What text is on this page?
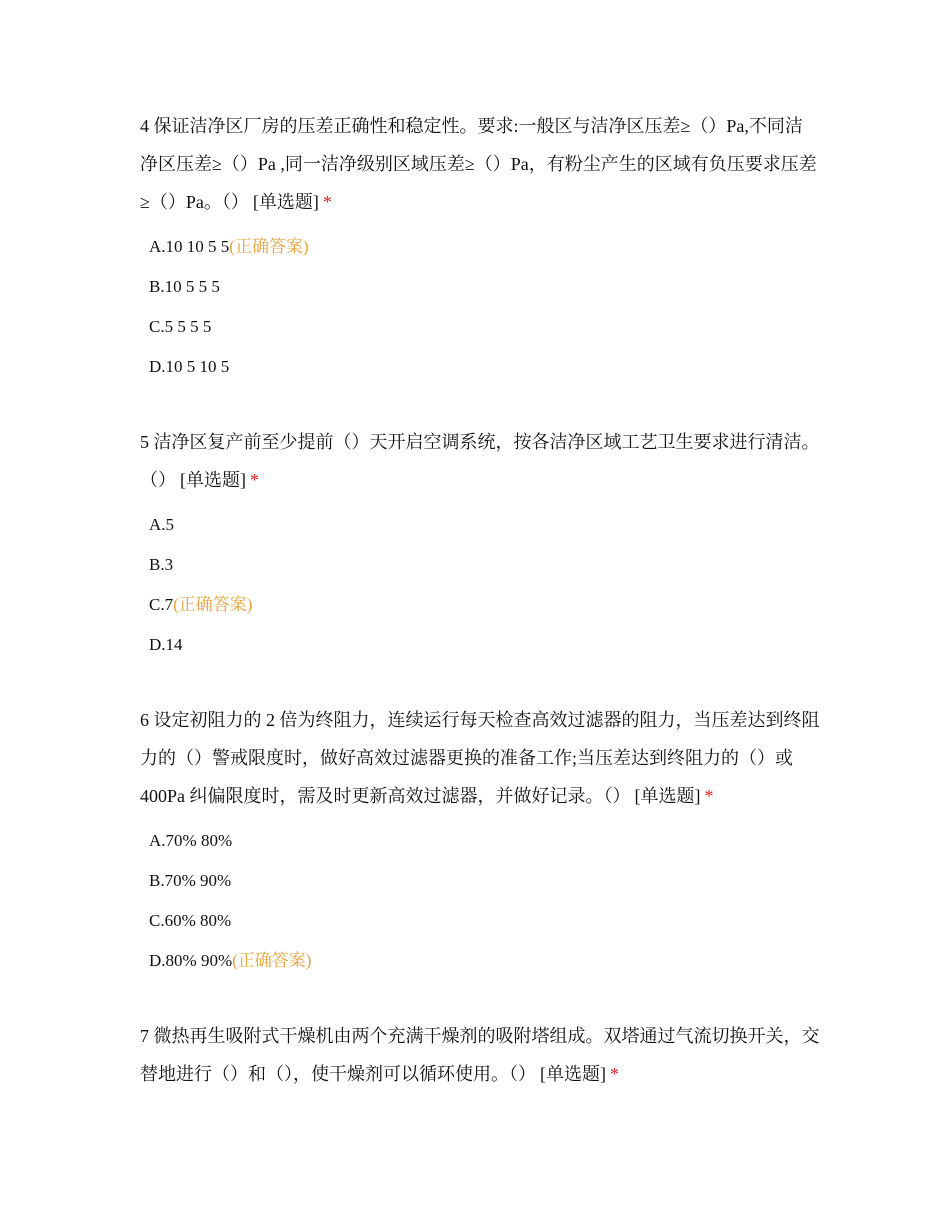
4 保证洁净区厂房的压差正确性和稳定性。要求:一般区与洁净区压差≥（）Pa,不同洁净区压差≥（）Pa ,同一洁净级别区域压差≥（）Pa，有粉尘产生的区域有负压要求压差≥（）Pa。（） [单选题] *

A.10 10 5 5(正确答案)
B.10 5 5 5
C.5 5 5 5
D.10 5 10 5

5 洁净区复产前至少提前（）天开启空调系统，按各洁净区域工艺卫生要求进行清洁。（） [单选题] *

A.5
B.3
C.7(正确答案)
D.14

6 设定初阻力的 2 倍为终阻力，连续运行每天检查高效过滤器的阻力，当压差达到终阻力的（）警戒限度时，做好高效过滤器更换的准备工作;当压差达到终阻力的（）或 400Pa 纠偏限度时，需及时更新高效过滤器，并做好记录。（） [单选题] *

A.70% 80%
B.70% 90%
C.60% 80%
D.80% 90%(正确答案)

7 微热再生吸附式干燥机由两个充满干燥剂的吸附塔组成。双塔通过气流切换开关，交替地进行（）和（），使干燥剂可以循环使用。（） [单选题] *
